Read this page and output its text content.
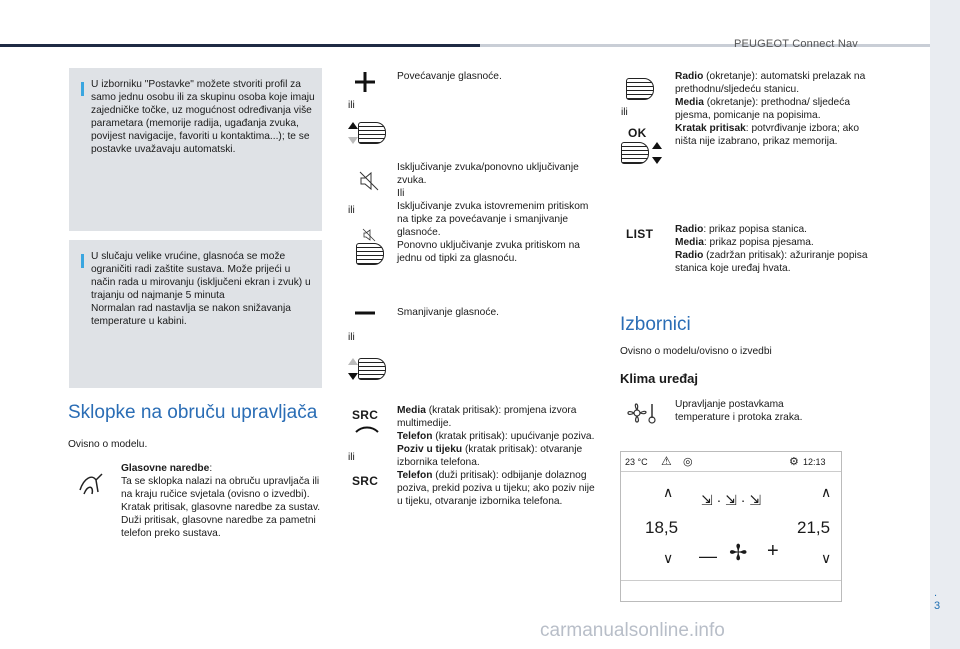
PEUGEOT Connect Nav
.
3

U izborniku "Postavke" možete stvoriti profil za samo jednu osobu ili za skupinu osoba koje imaju zajedničke točke, uz mogućnost određivanja više parametara (memorije radija, ugađanja zvuka, povijest navigacije, favoriti u kontaktima...); te se postavke uvažavaju automatski.

U slučaju velike vrućine, glasnoća se može ograničiti radi zaštite sustava. Može prijeći u način rada u mirovanju (isključeni ekran i zvuk) u trajanju od najmanje 5 minuta
Normalan rad nastavlja se nakon snižavanja temperature u kabini.

Sklopke na obruču upravljača
Ovisno o modelu.
Glasovne naredbe:
Ta se sklopka nalazi na obruču upravljača ili na kraju ručice svjetala (ovisno o izvedbi).
Kratak pritisak, glasovne naredbe za sustav.
Duži pritisak, glasovne naredbe za pametni telefon preko sustava.
ili
Povećavanje glasnoće.
ili
Isključivanje zvuka/ponovno uključivanje zvuka.
Ili
Isključivanje zvuka istovremenim pritiskom na tipke za povećavanje i smanjivanje glasnoće.
Ponovno uključivanje zvuka pritiskom na jednu od tipki za glasnoću.
ili
Smanjivanje glasnoće.
SRC
ili
SRC
Media (kratak pritisak): promjena izvora multimedije.
Telefon (kratak pritisak): upućivanje poziva.
Poziv u tijeku (kratak pritisak): otvaranje izbornika telefona.
Telefon (duži pritisak): odbijanje dolaznog poziva, prekid poziva u tijeku; ako poziv nije u tijeku, otvaranje izbornika telefona.
ili
OK
Radio (okretanje): automatski prelazak na prethodnu/sljedeću stanicu.
Media (okretanje): prethodna/ sljedeća pjesma, pomicanje na popisima.
Kratak pritisak: potvrđivanje izbora; ako ništa nije izabrano, prikaz memorija.
LIST Radio: prikaz popisa stanica.
Media: prikaz popisa pjesama.
Radio (zadržan pritisak): ažuriranje popisa stanica koje uređaj hvata.
Izbornici
Ovisno o modelu/ovisno o izvedbi
Klima uređaj
Upravljanje postavkama temperature i protoka zraka.
23 °C ⚠ ◎	12:13
⚙
∧
18,5
∨
∧
21,5
∨
⇲ · ⇲ · ⇲
— ✢ +
carmanualsonline.info
